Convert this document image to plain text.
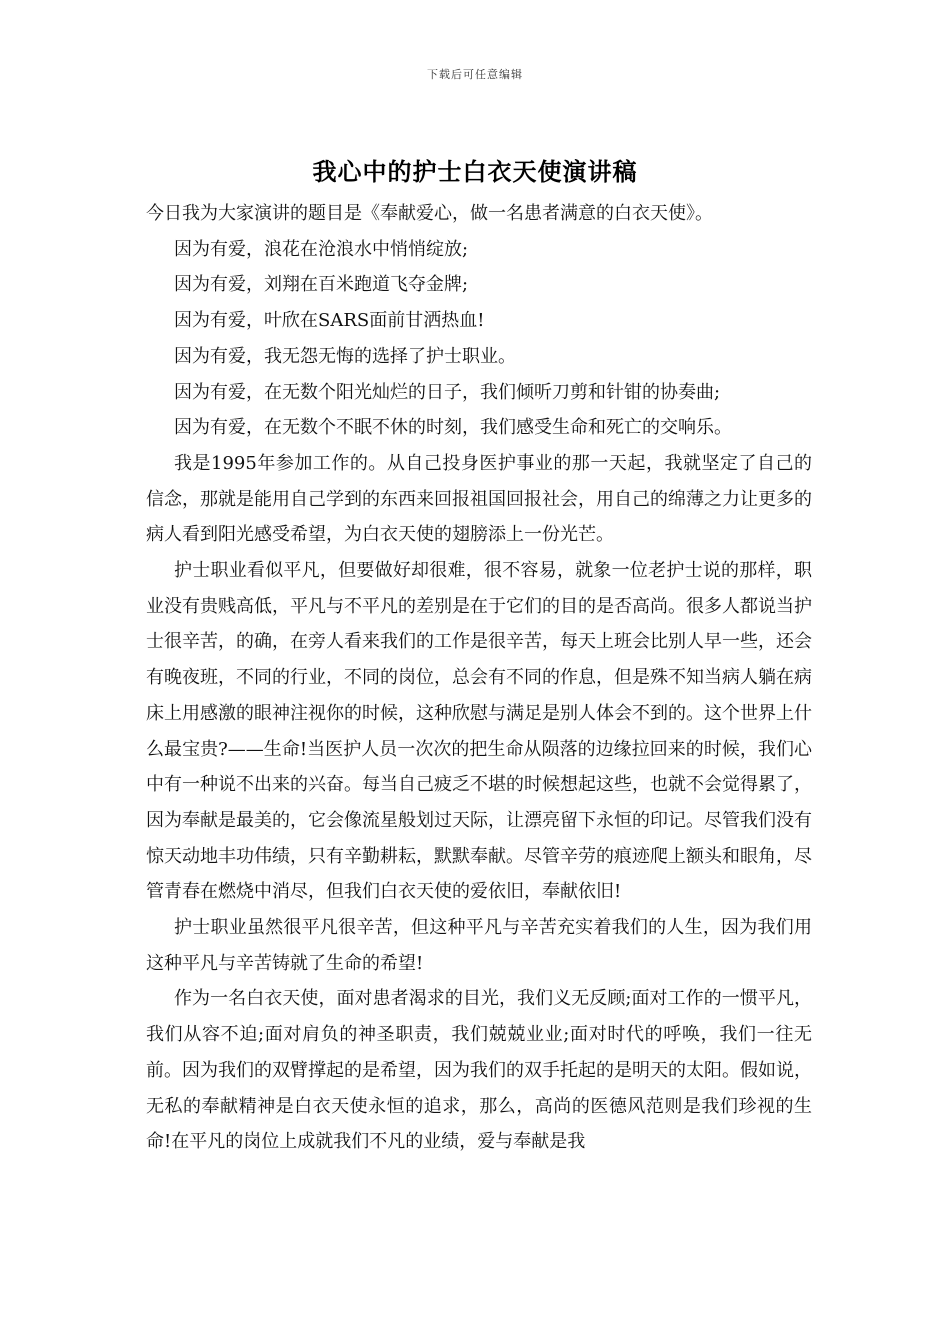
下载后可任意编辑
我心中的护士白衣天使演讲稿

今日我为大家演讲的题目是《奉献爱心，做一名患者满意的白衣天使》。

因为有爱，浪花在沧浪水中悄悄绽放;

因为有爱，刘翔在百米跑道飞夺金牌;

因为有爱，叶欣在SARS面前甘洒热血!

因为有爱，我无怨无悔的选择了护士职业。

因为有爱，在无数个阳光灿烂的日子，我们倾听刀剪和针钳的协奏曲;

因为有爱，在无数个不眠不休的时刻，我们感受生命和死亡的交响乐。

我是1995年参加工作的。从自己投身医护事业的那一天起，我就坚定了自己的信念，那就是能用自己学到的东西来回报祖国回报社会，用自己的绵薄之力让更多的病人看到阳光感受希望，为白衣天使的翅膀添上一份光芒。

护士职业看似平凡，但要做好却很难，很不容易，就象一位老护士说的那样，职业没有贵贱高低，平凡与不平凡的差别是在于它们的目的是否高尚。很多人都说当护士很辛苦，的确，在旁人看来我们的工作是很辛苦，每天上班会比别人早一些，还会有晚夜班，不同的行业，不同的岗位，总会有不同的作息，但是殊不知当病人躺在病床上用感激的眼神注视你的时候，这种欣慰与满足是别人体会不到的。这个世界上什么最宝贵?——生命!当医护人员一次次的把生命从陨落的边缘拉回来的时候，我们心中有一种说不出来的兴奋。每当自己疲乏不堪的时候想起这些，也就不会觉得累了，因为奉献是最美的，它会像流星般划过天际，让漂亮留下永恒的印记。尽管我们没有惊天动地丰功伟绩，只有辛勤耕耘，默默奉献。尽管辛劳的痕迹爬上额头和眼角，尽管青春在燃烧中消尽，但我们白衣天使的爱依旧，奉献依旧!

护士职业虽然很平凡很辛苦，但这种平凡与辛苦充实着我们的人生，因为我们用这种平凡与辛苦铸就了生命的希望!

作为一名白衣天使，面对患者渴求的目光，我们义无反顾;面对工作的一惯平凡，我们从容不迫;面对肩负的神圣职责，我们兢兢业业;面对时代的呼唤，我们一往无前。因为我们的双臂撑起的是希望，因为我们的双手托起的是明天的太阳。假如说，无私的奉献精神是白衣天使永恒的追求，那么，高尚的医德风范则是我们珍视的生命!在平凡的岗位上成就我们不凡的业绩，爱与奉献是我
